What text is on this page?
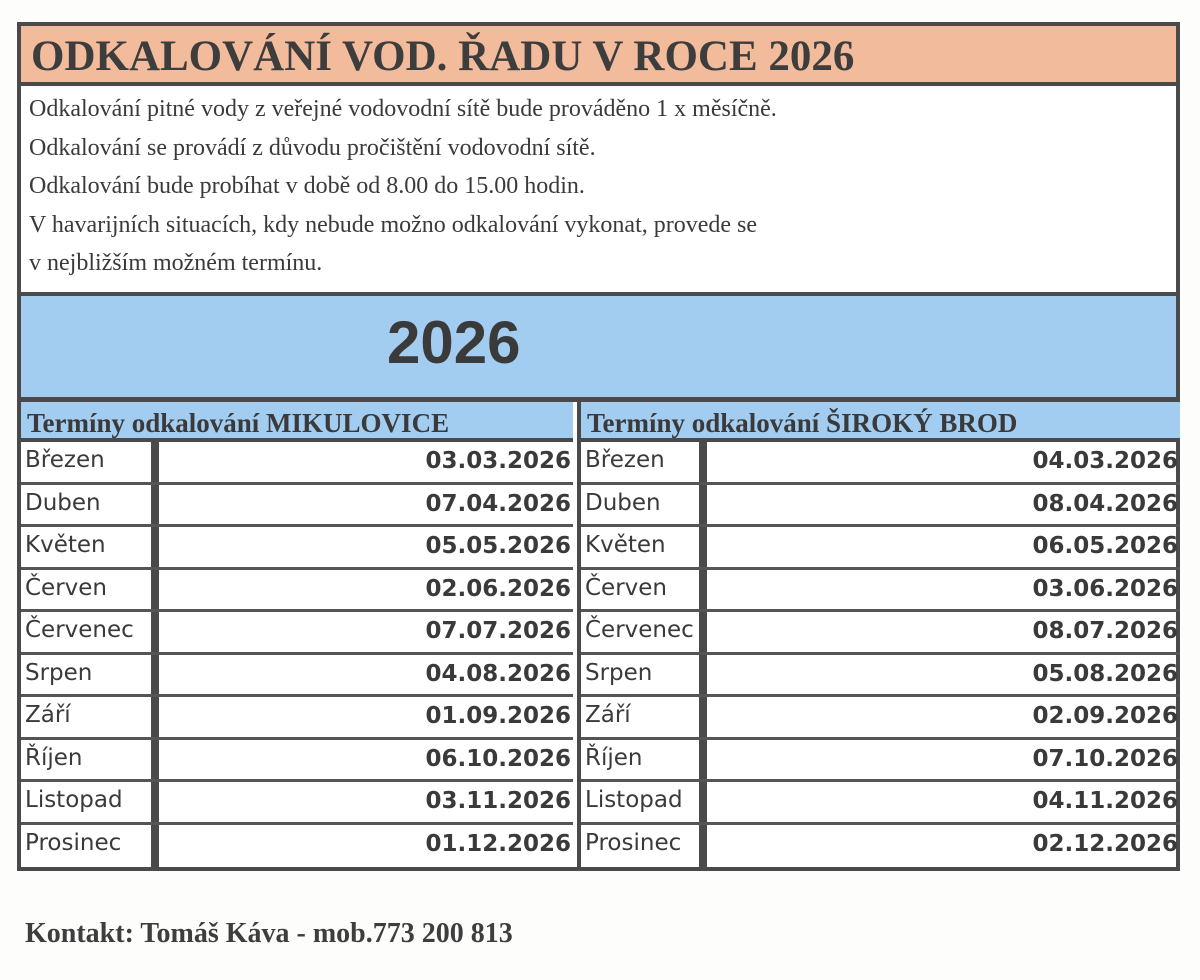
ODKALOVÁNÍ VOD. ŘADU V ROCE 2026

Odkalování pitné vody z veřejné vodovodní sítě bude prováděno 1 x měsíčně.

Odkalování se provádí z důvodu pročištění vodovodní sítě.

Odkalování bude probíhat v době od 8.00 do 15.00 hodin.

V havarijních situacích, kdy nebude možno odkalování vykonat, provede se

v nejbližším možném termínu.

2026
Termíny odkalování MIKULOVICE
Březen	03.03.2026
Duben	07.04.2026
Květen	05.05.2026
Červen	02.06.2026
Červenec	07.07.2026
Srpen	04.08.2026
Září	01.09.2026
Říjen	06.10.2026
Listopad	03.11.2026
Prosinec	01.12.2026
Termíny odkalování ŠIROKÝ BROD
Březen	04.03.2026
Duben	08.04.2026
Květen	06.05.2026
Červen	03.06.2026
Červenec	08.07.2026
Srpen	05.08.2026
Září	02.09.2026
Říjen	07.10.2026
Listopad	04.11.2026
Prosinec	02.12.2026
Kontakt: Tomáš Káva - mob.773 200 813
